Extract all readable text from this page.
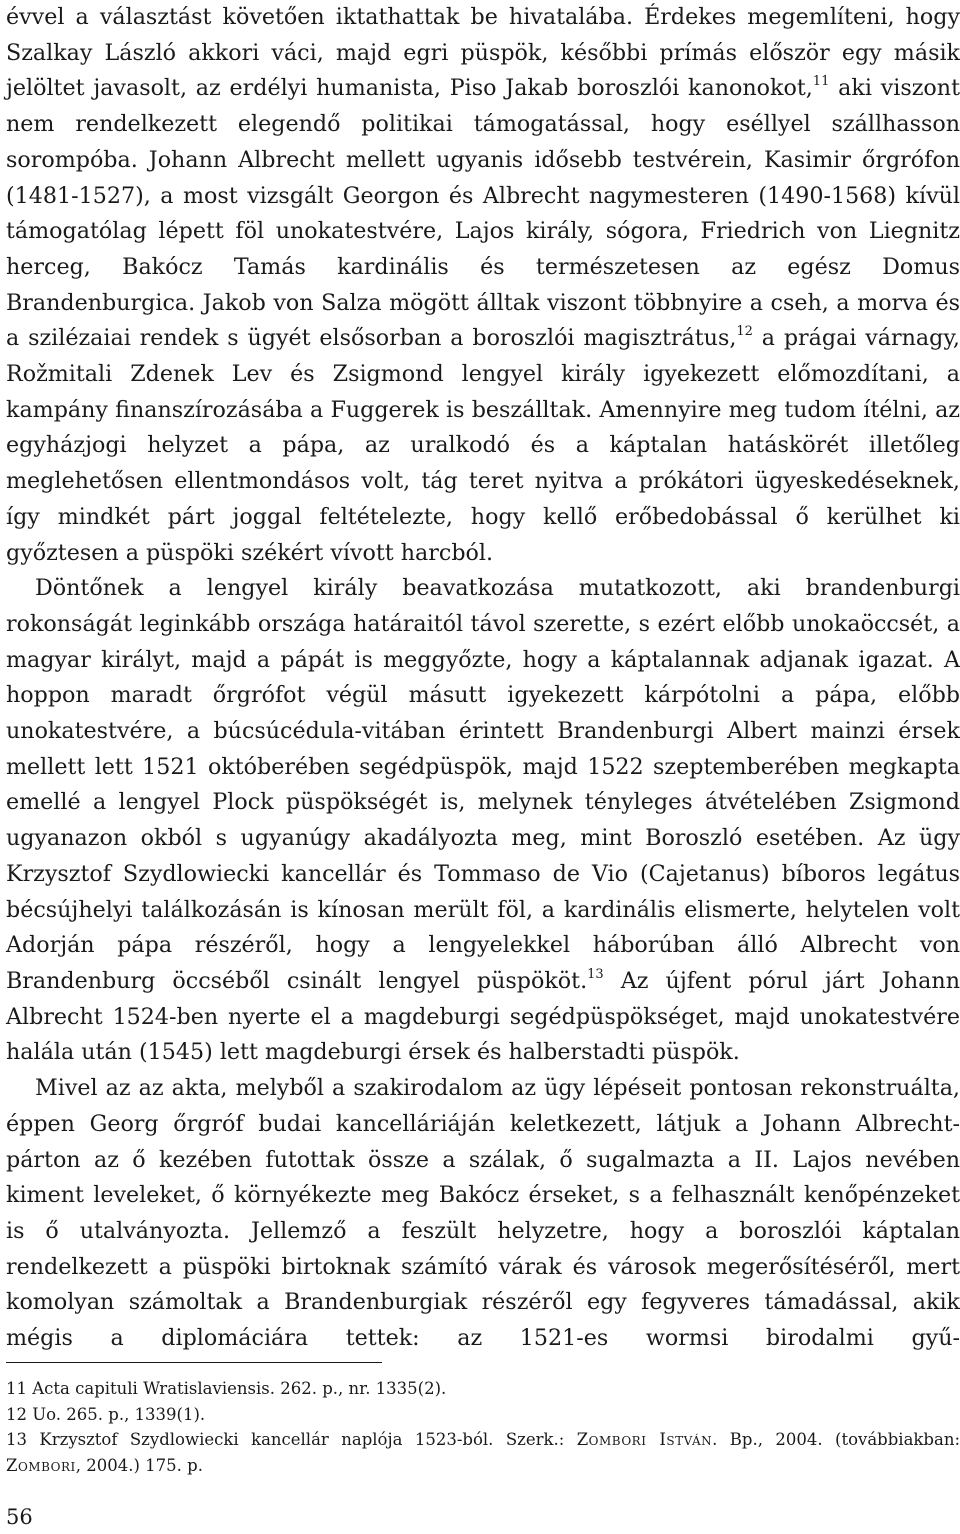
évvel a választást követően iktathattak be hivatalába. Érdekes megemlíteni, hogy Szalkay László akkori váci, majd egri püspök, későbbi prímás először egy másik jelöltet javasolt, az erdélyi humanista, Piso Jakab boroszlói kanonokot,$^{11}$ aki viszont nem rendelkezett elegendő politikai támogatással, hogy eséllyel szállhasson sorompóba. Johann Albrecht mellett ugyanis idősebb testvérein, Kasimir őrgrófon (1481-1527), a most vizsgált Georgon és Albrecht nagymesteren (1490-1568) kívül támogatólag lépett föl unokatestvére, Lajos király, sógora, Friedrich von Liegnitz herceg, Bakócz Tamás kardinális és természetesen az egész Domus Brandenburgica. Jakob von Salza mögött álltak viszont többnyire a cseh, a morva és a szilézaiai rendek s ügyét elsősorban a boroszlói magisztrátus,$^{12}$ a prágai várnagy, Rožmitali Zdenek Lev és Zsigmond lengyel király igyekezett előmozdítani, a kampány finanszírozásába a Fuggerek is beszálltak. Amennyire meg tudom ítélni, az egyházjogi helyzet a pápa, az uralkodó és a káptalan hatáskörét illetőleg meglehetősen ellentmondásos volt, tág teret nyitva a prókátori ügyeskedéseknek, így mindkét párt joggal feltételezte, hogy kellő erőbedobással ő kerülhet ki győztesen a püspöki székért vívott harcból.

Döntőnek a lengyel király beavatkozása mutatkozott, aki brandenburgi rokonságát leginkább országa határaitól távol szerette, s ezért előbb unokaöccsét, a magyar királyt, majd a pápát is meggyőzte, hogy a káptalannak adjanak igazat. A hoppon maradt őrgrófot végül másutt igyekezett kárpótolni a pápa, előbb unokatestvére, a búcsúcédula-vitában érintett Brandenburgi Albert mainzi érsek mellett lett 1521 októberében segédpüspök, majd 1522 szeptemberében megkapta emellé a lengyel Plock püspökségét is, melynek tényleges átvételében Zsigmond ugyanazon okból s ugyanúgy akadályozta meg, mint Boroszló esetében. Az ügy Krzysztof Szydlowiecki kancellár és Tommaso de Vio (Cajetanus) bíboros legátus bécsújhelyi találkozásán is kínosan merült föl, a kardinális elismerte, helytelen volt Adorján pápa részéről, hogy a lengyelekkel háborúban álló Albrecht von Brandenburg öccséből csinált lengyel püspököt.$^{13}$ Az újfent pórul járt Johann Albrecht 1524-ben nyerte el a magdeburgi segédpüspökséget, majd unokatestvére halála után (1545) lett magdeburgi érsek és halberstadti püspök.

Mivel az az akta, melyből a szakirodalom az ügy lépéseit pontosan rekonstruálta, éppen Georg őrgróf budai kancelláriáján keletkezett, látjuk a Johann Albrecht-párton az ő kezében futottak össze a szálak, ő sugalmazta a II. Lajos nevében kiment leveleket, ő környékezte meg Bakócz érseket, s a felhasznált kenőpénzeket is ő utalványozta. Jellemző a feszült helyzetre, hogy a boroszlói káptalan rendelkezett a püspöki birtoknak számító várak és városok megerősítéséről, mert komolyan számoltak a Brandenburgiak részéről egy fegyveres támadással, akik mégis a diplomáciára tettek: az 1521-es wormsi birodalmi gyű-

11 Acta capituli Wratislaviensis. 262. p., nr. 1335(2).

12 Uo. 265. p., 1339(1).

13 Krzysztof Szydlowiecki kancellár naplója 1523-ból. Szerk.: Zombori István. Bp., 2004. (továbbiakban: Zombori, 2004.) 175. p.

56
